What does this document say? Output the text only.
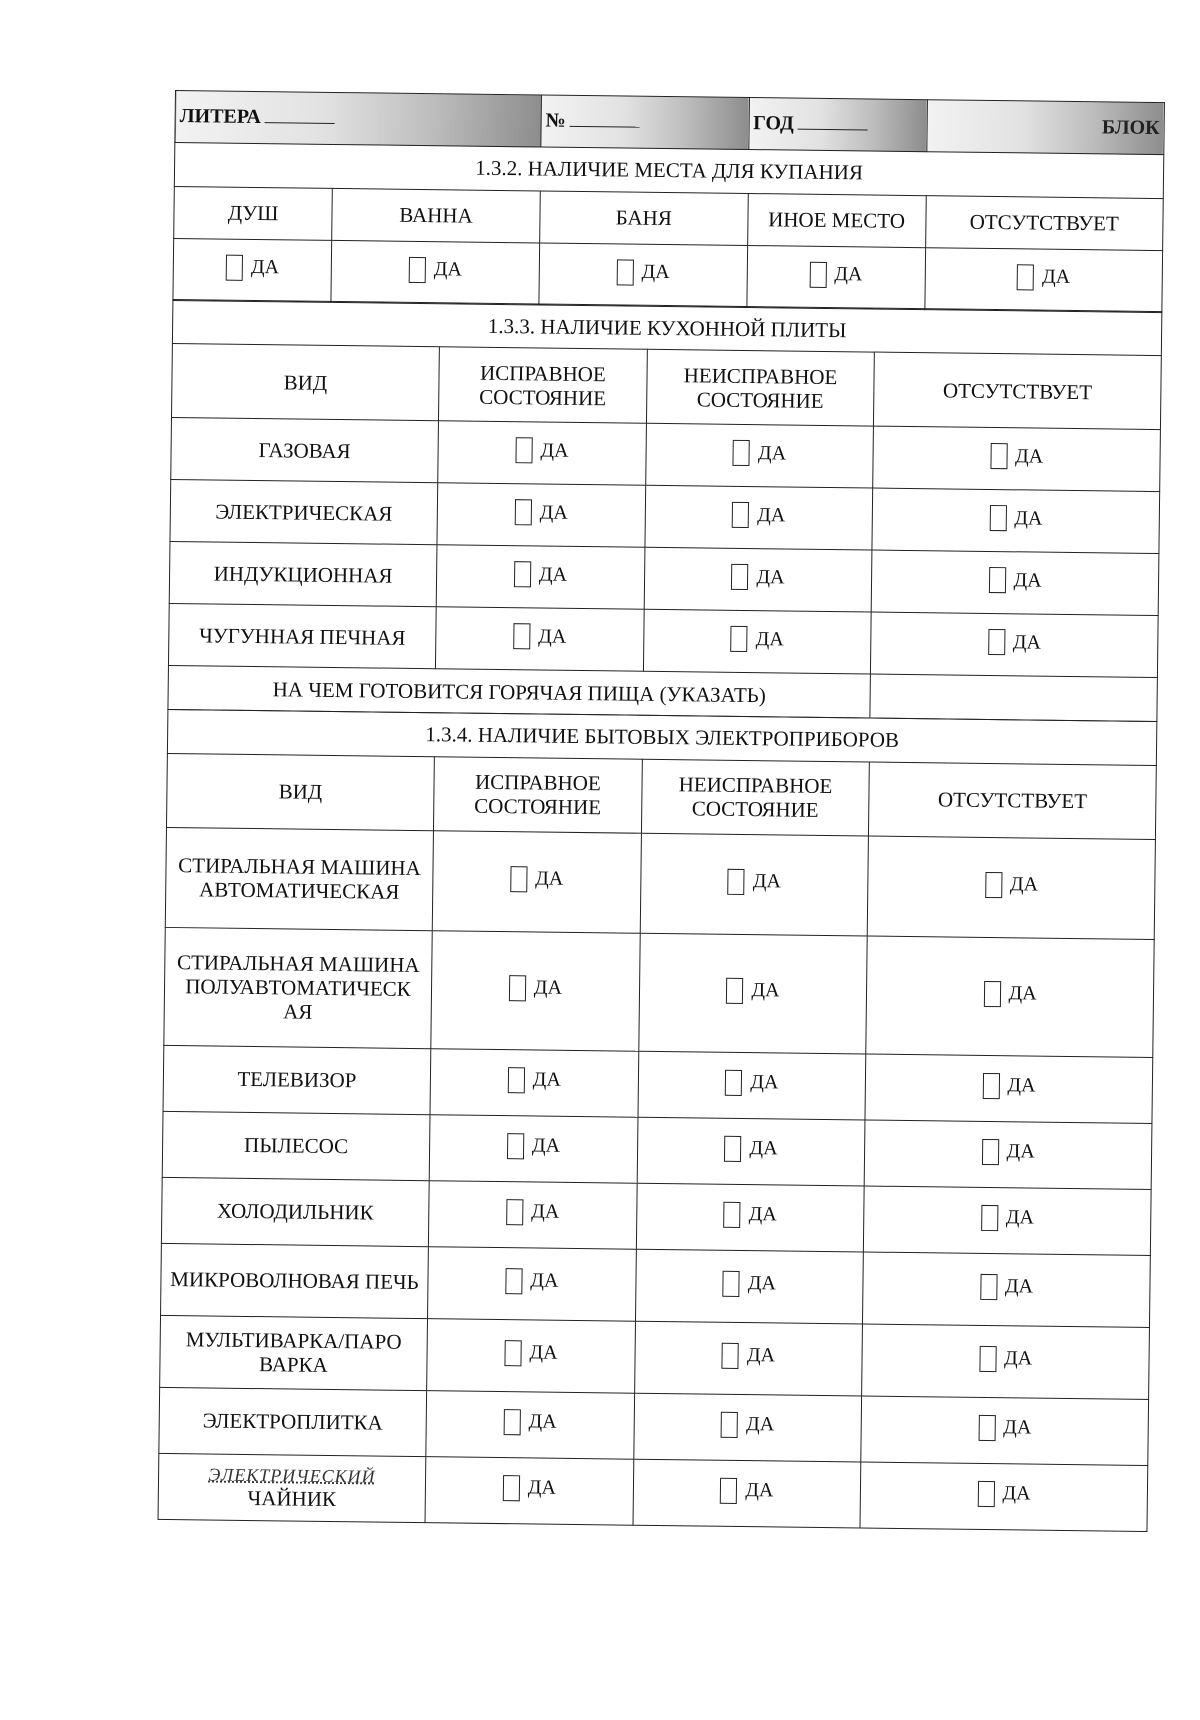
ЛИТЕРА		№	ГОД	БЛОК
1.3.2. НАЛИЧИЕ МЕСТА ДЛЯ КУПАНИЯ				
ДУШ	ВАННА	БАНЯ	ИНОЕ МЕСТО	ОТСУТСТВУЕТ

ДА	ДА	ДА	ДА	ДА
1.3.3. НАЛИЧИЕ КУХОННОЙ ПЛИТЫ			
ВИД	ИСПРАВНОЕ СОСТОЯНИЕ	НЕИСПРАВНОЕ СОСТОЯНИЕ	ОТСУТСТВУЕТ
ГАЗОВАЯ	ДА	ДА	ДА

ЭЛЕКТРИЧЕСКАЯ	ДА	ДА	ДА

ИНДУКЦИОННАЯ	ДА	ДА	ДА

ЧУГУННАЯ ПЕЧНАЯ	ДА	ДА	ДА

НА ЧЕМ ГОТОВИТСЯ ГОРЯЧАЯ ПИЩА (УКАЗАТЬ)			
1.3.4. НАЛИЧИЕ БЫТОВЫХ ЭЛЕКТРОПРИБОРОВ			
ВИД	ИСПРАВНОЕ СОСТОЯНИЕ	НЕИСПРАВНОЕ СОСТОЯНИЕ	ОТСУТСТВУЕТ
СТИРАЛЬНАЯ МАШИНА АВТОМАТИЧЕСКАЯ	ДА	ДА	ДА

СТИРАЛЬНАЯ МАШИНА ПОЛУАВТОМАТИЧЕСК АЯ	ДА	ДА	ДА

ТЕЛЕВИЗОР	ДА	ДА	ДА

ПЫЛЕСОС	ДА	ДА	ДА

ХОЛОДИЛЬНИК	ДА	ДА	ДА

МИКРОВОЛНОВАЯ ПЕЧЬ	ДА	ДА	ДА

МУЛЬТИВАРКА/ПАРО ВАРКА	ДА	ДА	ДА

ЭЛЕКТРОПЛИТКА	ДА	ДА	ДА

ЭЛЕКТРИЧЕСКИЙ
ЧАЙНИК	ДА	ДА	ДА
